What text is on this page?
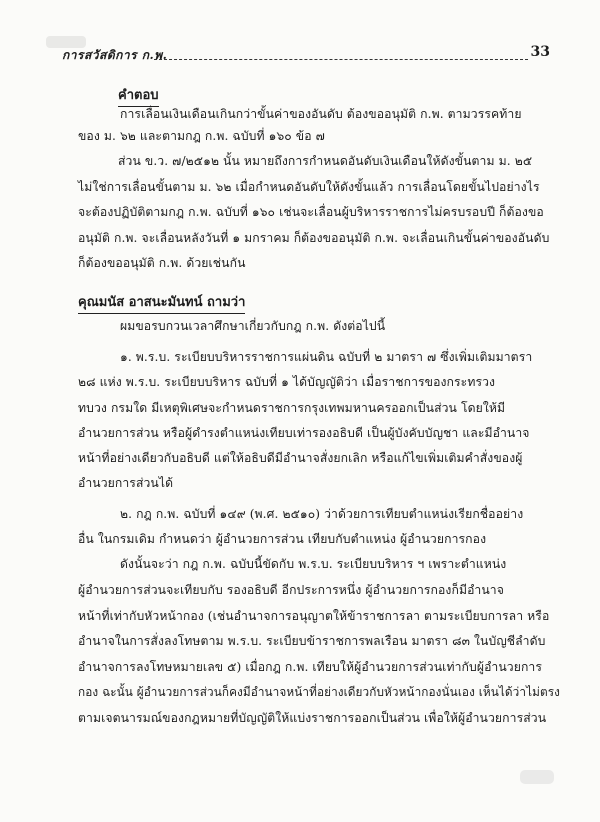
การสวัสดิการ ก.พ.	33
คำตอบ
การเลื่อนเงินเดือนเกินกว่าขั้นค่าของอันดับ ต้องขออนุมัติ ก.พ. ตามวรรคท้าย
ของ ม. ๖๒ และตามกฎ ก.พ. ฉบับที่ ๑๖๐ ข้อ ๗
ส่วน ข.ว. ๗/๒๕๑๒ นั้น หมายถึงการกำหนดอันดับเงินเดือนให้ดังขั้นตาม ม. ๒๕
ไม่ใช่การเลื่อนขั้นตาม ม. ๖๒ เมื่อกำหนดอันดับให้ดังขั้นแล้ว การเลื่อนโดยขั้นไปอย่างไร
จะต้องปฏิบัติตามกฎ ก.พ. ฉบับที่ ๑๖๐ เช่นจะเลื่อนผู้บริหารราชการไม่ครบรอบปี ก็ต้องขอ
อนุมัติ ก.พ. จะเลื่อนหลังวันที่ ๑ มกราคม ก็ต้องขออนุมัติ ก.พ. จะเลื่อนเกินขั้นค่าของอันดับ
ก็ต้องขออนุมัติ ก.พ. ด้วยเช่นกัน
คุณมนัส อาสนะมันทน์ ถามว่า
ผมขอรบกวนเวลาศึกษาเกี่ยวกับกฎ ก.พ. ดังต่อไปนี้
๑. พ.ร.บ. ระเบียบบริหารราชการแผ่นดิน ฉบับที่ ๒ มาตรา ๗ ซึ่งเพิ่มเติมมาตรา
๒๘ แห่ง พ.ร.บ. ระเบียบบริหาร ฉบับที่ ๑ ได้บัญญัติว่า เมื่อราชการของกระทรวง
ทบวง กรมใด มีเหตุพิเศษจะกำหนดราชการกรุงเทพมหานครออกเป็นส่วน โดยให้มี
อำนวยการส่วน หรือผู้ดำรงตำแหน่งเทียบเท่ารองอธิบดี เป็นผู้บังคับบัญชา และมีอำนาจ
หน้าที่อย่างเดียวกับอธิบดี แต่ให้อธิบดีมีอำนาจสั่งยกเลิก หรือแก้ไขเพิ่มเติมคำสั่งของผู้
อำนวยการส่วนได้
๒. กฎ ก.พ. ฉบับที่ ๑๔๙ (พ.ศ. ๒๕๑๐) ว่าด้วยการเทียบตำแหน่งเรียกชื่ออย่าง
อื่น ในกรมเดิม กำหนดว่า ผู้อำนวยการส่วน เทียบกับตำแหน่ง ผู้อำนวยการกอง
ดังนั้นจะว่า กฎ ก.พ. ฉบับนี้ขัดกับ พ.ร.บ. ระเบียบบริหาร ฯ เพราะตำแหน่ง
ผู้อำนวยการส่วนจะเทียบกับ รองอธิบดี อีกประการหนึ่ง ผู้อำนวยการกองก็มีอำนาจ
หน้าที่เท่ากับหัวหน้ากอง (เช่นอำนาจการอนุญาตให้ข้าราชการลา ตามระเบียบการลา หรือ
อำนาจในการสั่งลงโทษตาม พ.ร.บ. ระเบียบข้าราชการพลเรือน มาตรา ๘๓ ในบัญชีลำดับ
อำนาจการลงโทษหมายเลข ๕) เมื่อกฎ ก.พ. เทียบให้ผู้อำนวยการส่วนเท่ากับผู้อำนวยการ
กอง ฉะนั้น ผู้อำนวยการส่วนก็คงมีอำนาจหน้าที่อย่างเดียวกับหัวหน้ากองนั่นเอง เห็นได้ว่าไม่ตรง
ตามเจตนารมณ์ของกฎหมายที่บัญญัติให้แบ่งราชการออกเป็นส่วน เพื่อให้ผู้อำนวยการส่วน
